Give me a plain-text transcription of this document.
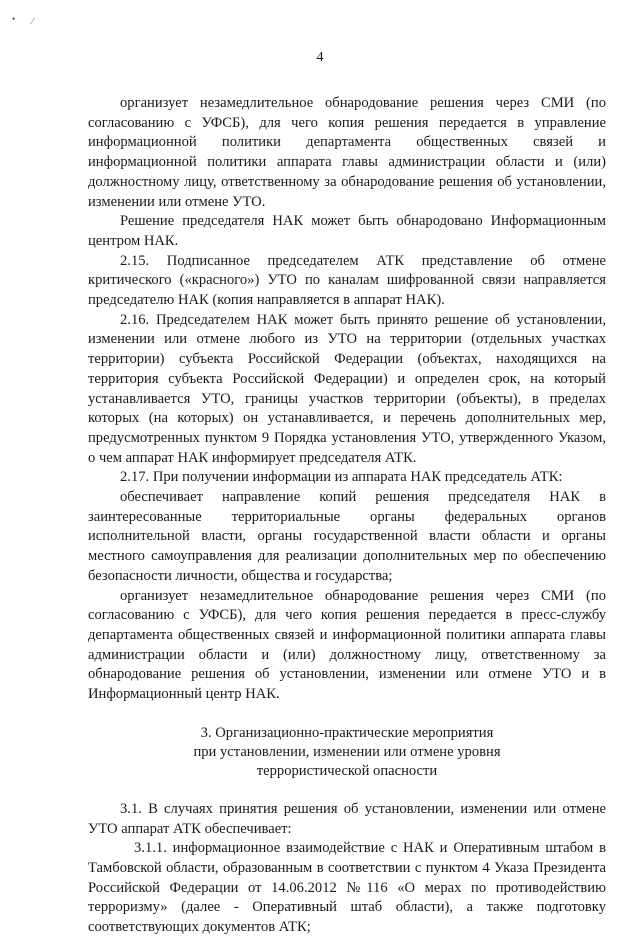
• ⁄
4

организует незамедлительное обнародование решения через СМИ (по согласованию с УФСБ), для чего копия решения передается в управление информационной политики департамента общественных связей и информационной политики аппарата главы администрации области и (или) должностному лицу, ответственному за обнародование решения об установлении, изменении или отмене УТО.

Решение председателя НАК может быть обнародовано Информационным центром НАК.

2.15. Подписанное председателем АТК представление об отмене критического («красного») УТО по каналам шифрованной связи направляется председателю НАК (копия направляется в аппарат НАК).

2.16. Председателем НАК может быть принято решение об установлении, изменении или отмене любого из УТО на территории (отдельных участках территории) субъекта Российской Федерации (объектах, находящихся на территория субъекта Российской Федерации) и определен срок, на который устанавливается УТО, границы участков территории (объекты), в пределах которых (на которых) он устанавливается, и перечень дополнительных мер, предусмотренных пунктом 9 Порядка установления УТО, утвержденного Указом, о чем аппарат НАК информирует председателя АТК.

2.17. При получении информации из аппарата НАК председатель АТК:

обеспечивает направление копий решения председателя НАК в заинтересованные территориальные органы федеральных органов исполнительной власти, органы государственной власти области и органы местного самоуправления для реализации дополнительных мер по обеспечению безопасности личности, общества и государства;

организует незамедлительное обнародование решения через СМИ (по согласованию с УФСБ), для чего копия решения передается в пресс-службу департамента общественных связей и информационной политики аппарата главы администрации области и (или) должностному лицу, ответственному за обнародование решения об установлении, изменении или отмене УТО и в Информационный центр НАК.

3. Организационно-практические мероприятия
при установлении, изменении или отмене уровня
террористической опасности

3.1. В случаях принятия решения об установлении, изменении или отмене УТО аппарат АТК обеспечивает:

3.1.1. информационное взаимодействие с НАК и Оперативным штабом в Тамбовской области, образованным в соответствии с пунктом 4 Указа Президента Российской Федерации от 14.06.2012 №116 «О мерах по противодействию терроризму» (далее - Оперативный штаб области), а также подготовку соответствующих документов АТК;
